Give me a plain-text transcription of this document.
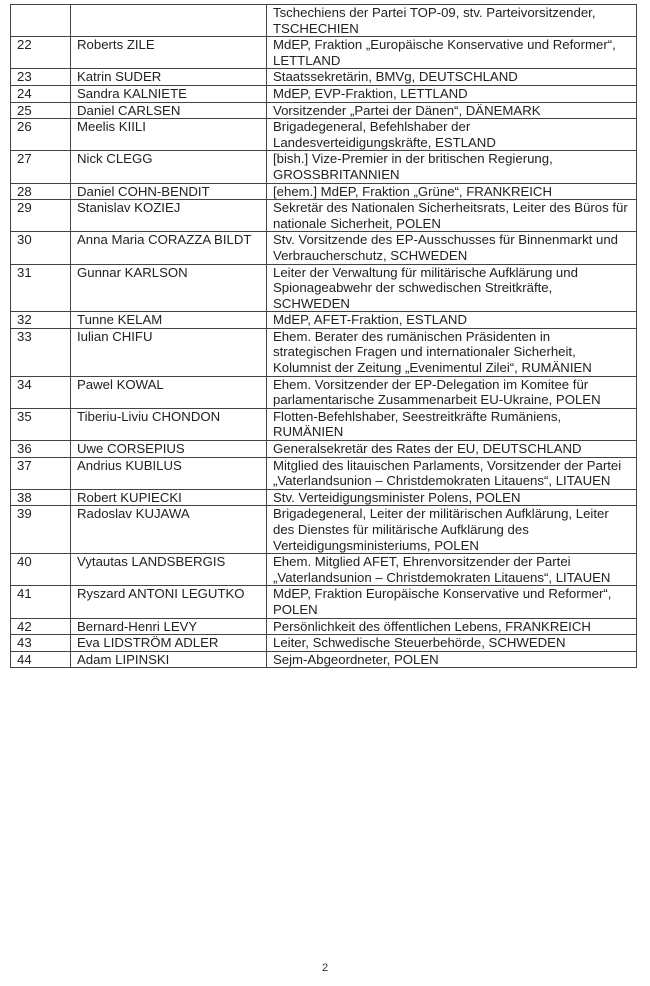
		Tschechiens der Partei TOP-09, stv. Parteivorsitzender, TSCHECHIEN
22	Roberts ZILE	MdEP, Fraktion „Europäische Konservative und Reformer“, LETTLAND
23	Katrin SUDER	Staatssekretärin, BMVg, DEUTSCHLAND
24	Sandra KALNIETE	MdEP, EVP-Fraktion, LETTLAND
25	Daniel CARLSEN	Vorsitzender „Partei der Dänen“, DÄNEMARK
26	Meelis KIILI	Brigadegeneral, Befehlshaber der Landesverteidigungskräfte, ESTLAND
27	Nick CLEGG	[bish.] Vize-Premier in der britischen Regierung, GROSSBRITANNIEN
28	Daniel COHN-BENDIT	[ehem.] MdEP, Fraktion „Grüne“, FRANKREICH
29	Stanislav KOZIEJ	Sekretär des Nationalen Sicherheitsrats, Leiter des Büros für nationale Sicherheit, POLEN
30	Anna Maria CORAZZA BILDT	Stv. Vorsitzende des EP-Ausschusses für Binnenmarkt und Verbraucherschutz, SCHWEDEN
31	Gunnar KARLSON	Leiter der Verwaltung für militärische Aufklärung und Spionageabwehr der schwedischen Streitkräfte, SCHWEDEN
32	Tunne KELAM	MdEP, AFET-Fraktion, ESTLAND
33	Iulian CHIFU	Ehem. Berater des rumänischen Präsidenten in strategischen Fragen und internationaler Sicherheit, Kolumnist der Zeitung „Evenimentul Zilei“, RUMÄNIEN
34	Pawel KOWAL	Ehem. Vorsitzender der EP-Delegation im Komitee für parlamentarische Zusammenarbeit EU-Ukraine, POLEN
35	Tiberiu-Liviu CHONDON	Flotten-Befehlshaber, Seestreitkräfte Rumäniens, RUMÄNIEN
36	Uwe CORSEPIUS	Generalsekretär des Rates der EU, DEUTSCHLAND
37	Andrius KUBILUS	Mitglied des litauischen Parlaments, Vorsitzender der Partei „Vaterlandsunion – Christdemokraten Litauens“, LITAUEN
38	Robert KUPIECKI	Stv. Verteidigungsminister Polens, POLEN
39	Radoslav KUJAWA	Brigadegeneral, Leiter der militärischen Aufklärung, Leiter des Dienstes für militärische Aufklärung des Verteidigungsministeriums, POLEN
40	Vytautas LANDSBERGIS	Ehem. Mitglied AFET, Ehrenvorsitzender der Partei „Vaterlandsunion – Christdemokraten Litauens“, LITAUEN
41	Ryszard ANTONI LEGUTKO	MdEP, Fraktion Europäische Konservative und Reformer“, POLEN
42	Bernard-Henri LEVY	Persönlichkeit des öffentlichen Lebens, FRANKREICH
43	Eva LIDSTRÖM ADLER	Leiter, Schwedische Steuerbehörde, SCHWEDEN
44	Adam LIPINSKI	Sejm-Abgeordneter, POLEN
2
